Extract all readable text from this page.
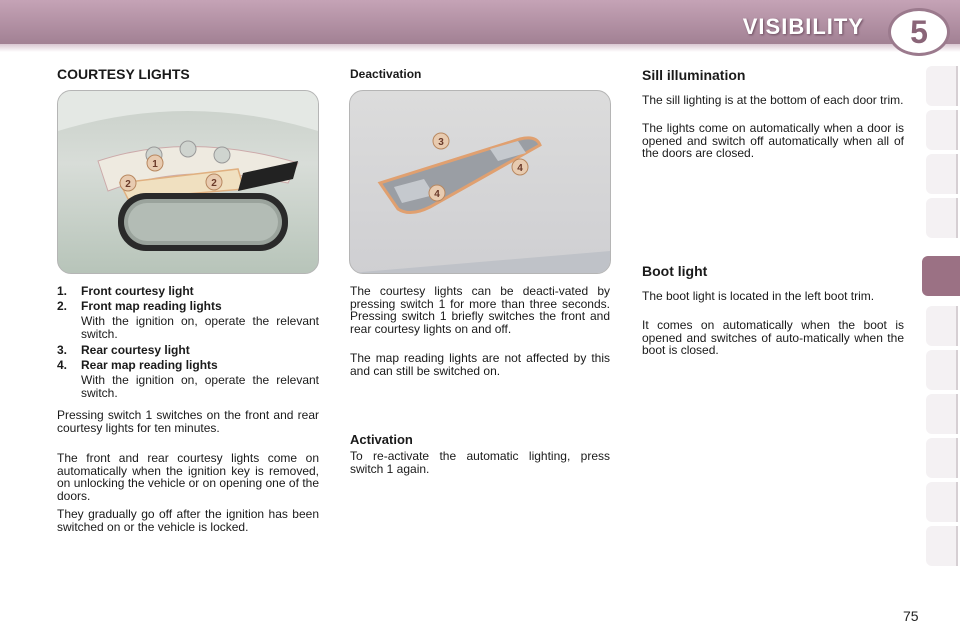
VISIBILITY	5
COURTESY LIGHTS
1
2	2
1.	Front courtesy light
2.	Front map reading lights
With the ignition on, operate the relevant switch.
3.	Rear courtesy light
4.	Rear map reading lights
With the ignition on, operate the relevant switch.
Pressing switch 1 switches on the front and rear courtesy lights for ten minutes.
The front and rear courtesy lights come on automatically when the ignition key is removed, on unlocking the vehicle or on opening one of the doors.
They gradually go off after the ignition has been switched on or the vehicle is locked.
Deactivation
3
4
4
The courtesy lights can be deacti-vated by pressing switch 1 for more than three seconds. Pressing switch 1 briefly switches the front and rear courtesy lights on and off.
The map reading lights are not affected by this and can still be switched on.
Activation
To re-activate the automatic lighting, press switch 1 again.
Sill illumination
The sill lighting is at the bottom of each door trim.
The lights come on automatically when a door is opened and switch off automatically when all of the doors are closed.
Boot light
The boot light is located in the left boot trim.
It comes on automatically when the boot is opened and switches of auto-matically when the boot is closed.
75
